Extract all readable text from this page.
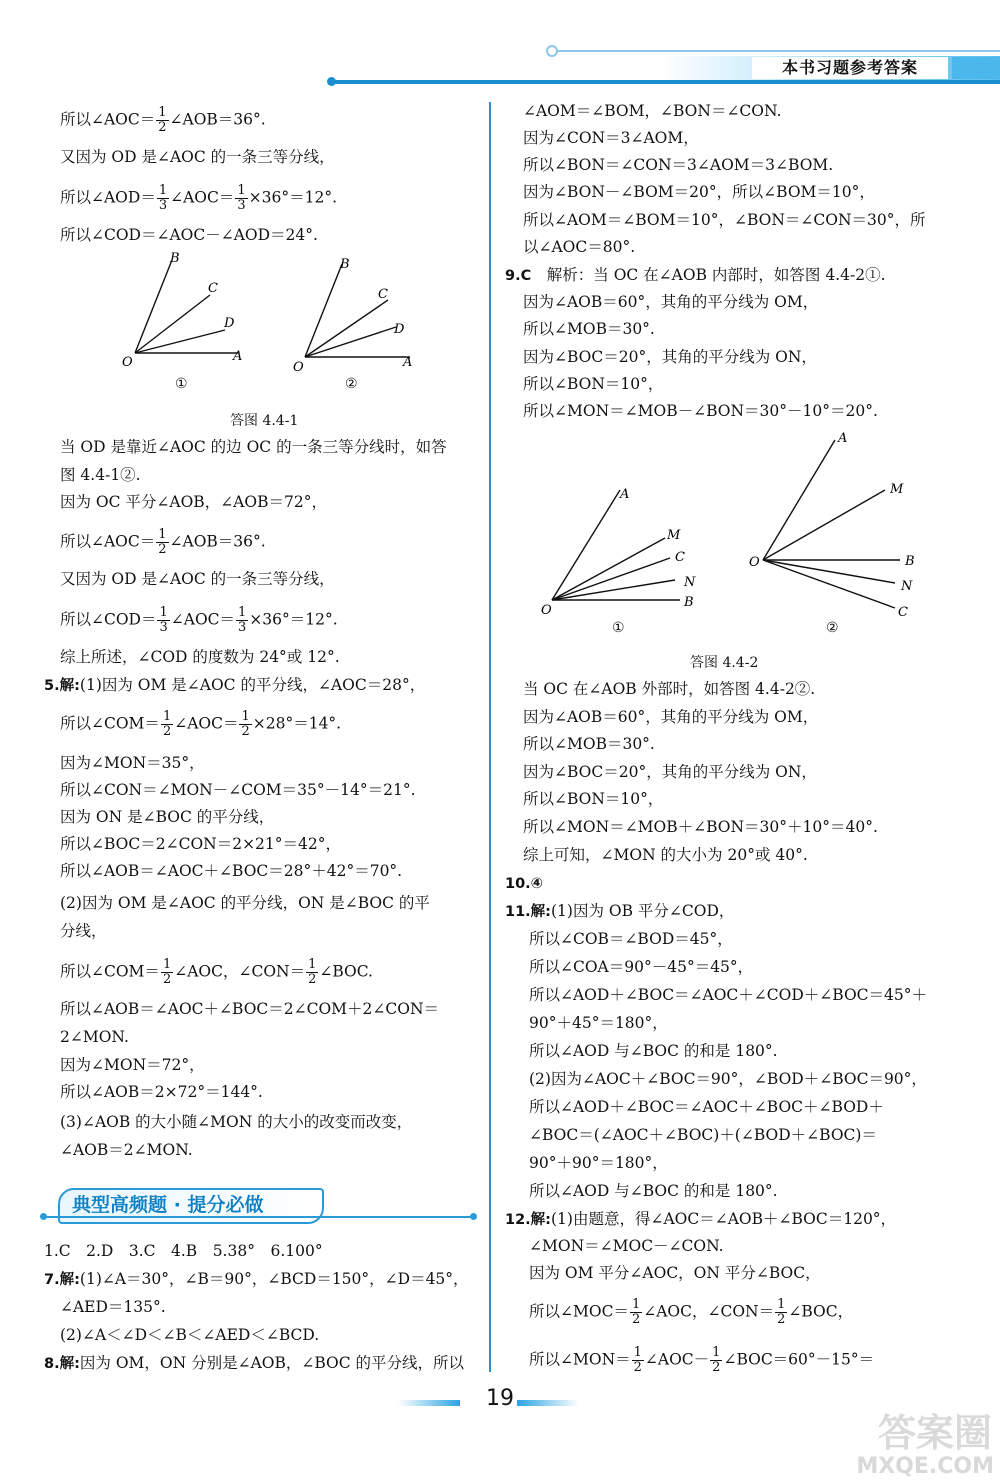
本书习题参考答案
所以∠AOC＝ $\frac{1}{2}$ ∠AOB＝36°.
又因为 OD 是∠AOC 的一条三等分线，
所以∠AOD＝ $\frac{1}{3}$ ∠AOC＝ $\frac{1}{3} \times 36^\circ=12^\circ$.
所以∠COD＝∠AOC－∠AOD＝24°.
B
C
D
A
O
B
C
D
A
O
①	②
答图 4.4-1
当 OD 是靠近∠AOC 的边 OC 的一条三等分线时，如答
图 4.4-1②.
因为 OC 平分∠AOB，∠AOB＝72°，
所以∠AOC＝ $\frac{1}{2}$ ∠AOB＝36°.
又因为 OD 是∠AOC 的一条三等分线，
所以∠COD＝ $\frac{1}{3}$ ∠AOC＝ $\frac{1}{3} \times 36^\circ=12^\circ$.
综上所述，∠COD 的度数为 24°或 12°.
5.解:(1)因为 OM 是∠AOC 的平分线，∠AOC＝28°，
所以∠COM＝ $\frac{1}{2}$ ∠AOC＝ $\frac{1}{2} \times 28^\circ=14^\circ$.
因为∠MON＝35°，
所以∠CON＝∠MON－∠COM＝35°－14°＝21°.
因为 ON 是∠BOC 的平分线，
所以∠BOC＝2∠CON＝2×21°＝42°，
所以∠AOB＝∠AOC＋∠BOC＝28°＋42°＝70°.
(2)因为 OM 是∠AOC 的平分线，ON 是∠BOC 的平
分线，
所以∠COM＝ $\frac{1}{2}$ ∠AOC，∠CON＝ $\frac{1}{2}$ ∠BOC.
所以∠AOB＝∠AOC＋∠BOC＝2∠COM＋2∠CON＝
2∠MON.
因为∠MON＝72°，
所以∠AOB＝2×72°＝144°.
(3)∠AOB 的大小随∠MON 的大小的改变而改变，
∠AOB＝2∠MON.
典型高频题 · 提分必做
1.C　2.D　3.C　4.B　5.38°　6.100°
7.解:(1)∠A＝30°，∠B＝90°，∠BCD＝150°，∠D＝45°，
∠AED＝135°.
(2)∠A＜∠D＜∠B＜∠AED＜∠BCD.
8.解:因为 OM，ON 分别是∠AOB，∠BOC 的平分线，所以
∠AOM＝∠BOM，∠BON＝∠CON.
因为∠CON＝3∠AOM，
所以∠BON＝∠CON＝3∠AOM＝3∠BOM.
因为∠BON－∠BOM＝20°，所以∠BOM＝10°，
所以∠AOM＝∠BOM＝10°，∠BON＝∠CON＝30°，所
以∠AOC＝80°.
9.C　 解析：当 OC 在∠AOB 内部时，如答图 4.4-2①.
因为∠AOB＝60°，其角的平分线为 OM，
所以∠MOB＝30°.
因为∠BOC＝20°，其角的平分线为 ON，
所以∠BON＝10°，
所以∠MON＝∠MOB－∠BON＝30°－10°＝20°.
A
M
C
N
B
O
A
M
B
N
C
O
①	②
答图 4.4-2
当 OC 在∠AOB 外部时，如答图 4.4-2②.
因为∠AOB＝60°，其角的平分线为 OM，
所以∠MOB＝30°.
因为∠BOC＝20°，其角的平分线为 ON，
所以∠BON＝10°，
所以∠MON＝∠MOB＋∠BON＝30°＋10°＝40°.
综上可知，∠MON 的大小为 20°或 40°.
10.④
11.解:(1)因为 OB 平分∠COD，
所以∠COB＝∠BOD＝45°，
所以∠COA＝90°－45°＝45°，
所以∠AOD＋∠BOC＝∠AOC＋∠COD＋∠BOC＝45°＋
90°＋45°＝180°，
所以∠AOD 与∠BOC 的和是 180°.
(2)因为∠AOC＋∠BOC＝90°，∠BOD＋∠BOC＝90°，
所以∠AOD＋∠BOC＝∠AOC＋∠BOC＋∠BOD＋
∠BOC＝(∠AOC＋∠BOC)＋(∠BOD＋∠BOC)＝
90°＋90°＝180°，
所以∠AOD 与∠BOC 的和是 180°.
12.解:(1)由题意，得∠AOC＝∠AOB＋∠BOC＝120°，
∠MON＝∠MOC－∠CON.
因为 OM 平分∠AOC，ON 平分∠BOC，
所以∠MOC＝ $\frac{1}{2}$ ∠AOC，∠CON＝ $\frac{1}{2}$ ∠BOC，
所以∠MON＝ $\frac{1}{2}$ ∠AOC－ $\frac{1}{2}$ ∠BOC＝60°－15°＝
19
答案圈
MXQE.COM
